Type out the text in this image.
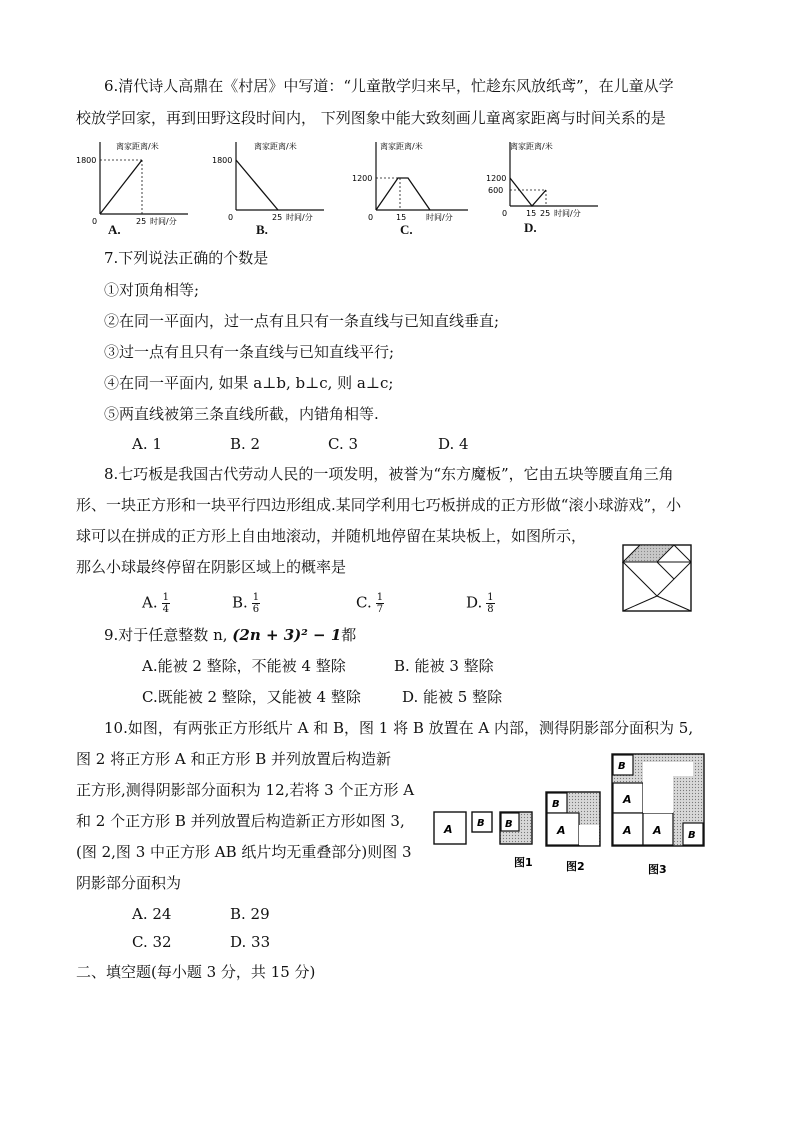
6.清代诗人高鼎在《村居》中写道：“儿童散学归来早，忙趁东风放纸鸢”，在儿童从学
校放学回家，再到田野这段时间内， 下列图象中能大致刻画儿童离家距离与时间关系的是
离家距离/米
1800
0	25 时间/分
A.
离家距离/米
1800
0	25 时间/分
B.
离家距离/米
1200
0	15 时间/分
C.
离家距离/米
1200
600
0 15 25 时间/分
D.
7.下列说法正确的个数是
①对顶角相等;
②在同一平面内，过一点有且只有一条直线与已知直线垂直;
③过一点有且只有一条直线与已知直线平行;
④在同一平面内, 如果 a⊥b, b⊥c, 则 a⊥c;
⑤两直线被第三条直线所截，内错角相等.
A. 1	B. 2	C. 3	D. 4
8.七巧板是我国古代劳动人民的一项发明，被誉为“东方魔板”，它由五块等腰直角三角
形、一块正方形和一块平行四边形组成.某同学利用七巧板拼成的正方形做“滚小球游戏”，小
球可以在拼成的正方形上自由地滚动，并随机地停留在某块板上，如图所示，
那么小球最终停留在阴影区域上的概率是
A. $\frac{1}{4}$	B. $\frac{1}{6}$	C. $\frac{1}{7}$	D. $\frac{1}{8}$
9.对于任意整数 n, (2n + 3)² − 1都
A.能被 2 整除，不能被 4 整除	B. 能被 3 整除
C.既能被 2 整除，又能被 4 整除	D. 能被 5 整除
10.如图，有两张正方形纸片 A 和 B，图 1 将 B 放置在 A 内部，测得阴影部分面积为 5,
图 2 将正方形 A 和正方形 B 并列放置后构造新
正方形,测得阴影部分面积为 12,若将 3 个正方形 A
和 2 个正方形 B 并列放置后构造新正方形如图 3,
(图 2,图 3 中正方形 AB 纸片均无重叠部分)则图 3
阴影部分面积为
A. 24	B. 29
C. 32	D. 33
A B B
图1
B
A
图2
B
A
A A	B
图3
二、填空题(每小题 3 分，共 15 分)
